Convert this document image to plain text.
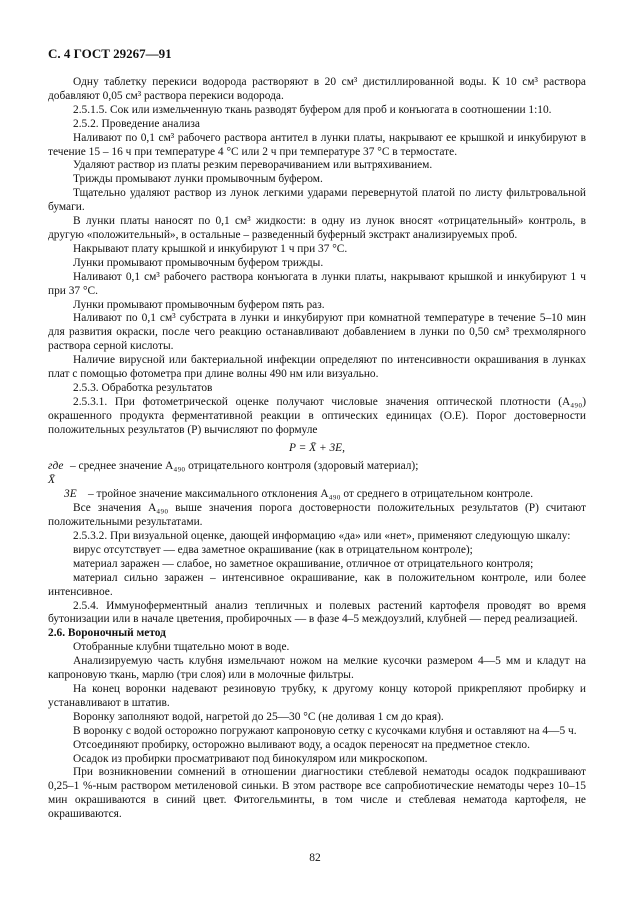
С. 4 ГОСТ 29267—91

Одну таблетку перекиси водорода растворяют в 20 см³ дистиллированной воды. К 10 см³ раствора добавляют 0,05 см³ раствора перекиси водорода.

2.5.1.5. Сок или измельченную ткань разводят буфером для проб и конъюгата в соотношении 1:10.

2.5.2. Проведение анализа

Наливают по 0,1 см³ рабочего раствора антител в лунки платы, накрывают ее крышкой и инкубируют в течение 15 – 16 ч при температуре 4 °С или 2 ч при температуре 37 °С в термостате.

Удаляют раствор из платы резким переворачиванием или вытряхиванием.

Трижды промывают лунки промывочным буфером.

Тщательно удаляют раствор из лунок легкими ударами перевернутой платой по листу фильтровальной бумаги.

В лунки платы наносят по 0,1 см³ жидкости: в одну из лунок вносят «отрицательный» контроль, в другую «положительный», в остальные – разведенный буферный экстракт анализируемых проб.

Накрывают плату крышкой и инкубируют 1 ч при 37 °С.

Лунки промывают промывочным буфером трижды.

Наливают 0,1 см³ рабочего раствора конъюгата в лунки платы, накрывают крышкой и инкубируют 1 ч при 37 °С.

Лунки промывают промывочным буфером пять раз.

Наливают по 0,1 см³ субстрата в лунки и инкубируют при комнатной температуре в течение 5–10 мин для развития окраски, после чего реакцию останавливают добавлением в лунки по 0,50 см³ трехмолярного раствора серной кислоты.

Наличие вирусной или бактериальной инфекции определяют по интенсивности окрашивания в лунках плат с помощью фотометра при длине волны 490 нм или визуально.

2.5.3. Обработка результатов

2.5.3.1. При фотометрической оценке получают числовые значения оптической плотности (A₄₉₀) окрашенного продукта ферментативной реакции в оптических единицах (О.Е). Порог достоверности положительных результатов (P) вычисляют по формуле

P = X̄ + 3E,

где X̄
– среднее значение A₄₉₀ отрицательного контроля (здоровый материал);
3E – тройное значение максимального отклонения A₄₉₀ от среднего в отрицательном контроле.

Все значения A₄₉₀ выше значения порога достоверности положительных результатов (P) считают положительными результатами.

2.5.3.2. При визуальной оценке, дающей информацию «да» или «нет», применяют следующую шкалу:

вирус отсутствует — едва заметное окрашивание (как в отрицательном контроле);

материал заражен — слабое, но заметное окрашивание, отличное от отрицательного контроля;

материал сильно заражен – интенсивное окрашивание, как в положительном контроле, или более интенсивное.

2.5.4. Иммуноферментный анализ тепличных и полевых растений картофеля проводят во время бутонизации или в начале цветения, пробирочных — в фазе 4–5 междоузлий, клубней — перед реализацией.

2.6. Вороночный метод

Отобранные клубни тщательно моют в воде.

Анализируемую часть клубня измельчают ножом на мелкие кусочки размером 4—5 мм и кладут на капроновую ткань, марлю (три слоя) или в молочные фильтры.

На конец воронки надевают резиновую трубку, к другому концу которой прикрепляют пробирку и устанавливают в штатив.

Воронку заполняют водой, нагретой до 25—30 °С (не доливая 1 см до края).

В воронку с водой осторожно погружают капроновую сетку с кусочками клубня и оставляют на 4—5 ч.

Отсоединяют пробирку, осторожно выливают воду, а осадок переносят на предметное стекло.

Осадок из пробирки просматривают под бинокуляром или микроскопом.

При возникновении сомнений в отношении диагностики стеблевой нематоды осадок подкрашивают 0,25–1 %-ным раствором метиленовой синьки. В этом растворе все сапробиотические нематоды через 10–15 мин окрашиваются в синий цвет. Фитогельминты, в том числе и стеблевая нематода картофеля, не окрашиваются.

82
